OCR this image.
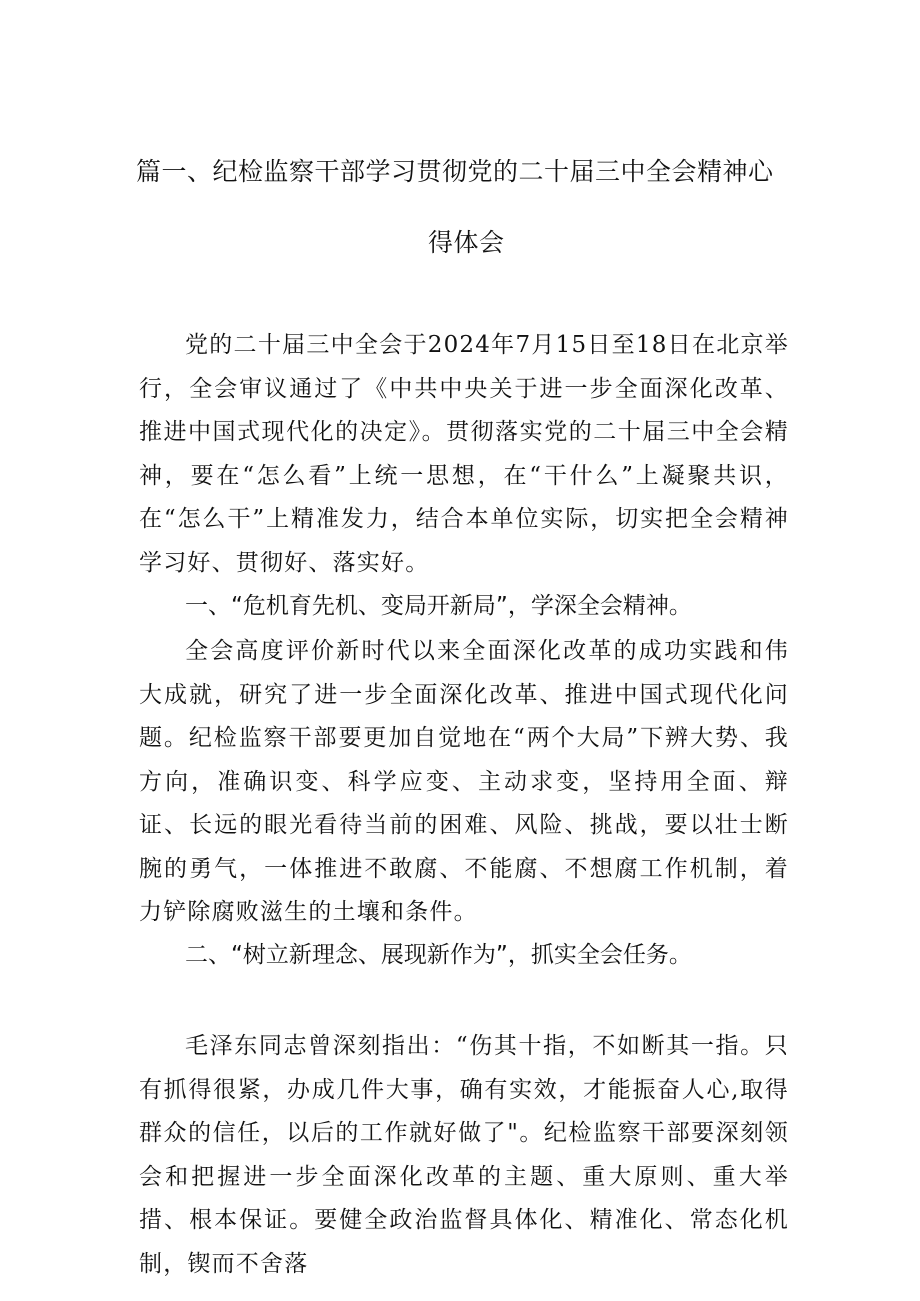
篇一、纪检监察干部学习贯彻党的二十届三中全会精神心
得体会

党的二十届三中全会于2024年7月15日至18日在北京举行，全会审议通过了《中共中央关于进一步全面深化改革、推进中国式现代化的决定》。贯彻落实党的二十届三中全会精神，要在“怎么看”上统一思想，在“干什么”上凝聚共识，在“怎么干”上精准发力，结合本单位实际，切实把全会精神学习好、贯彻好、落实好。

一、“危机育先机、变局开新局”，学深全会精神。

全会高度评价新时代以来全面深化改革的成功实践和伟大成就，研究了进一步全面深化改革、推进中国式现代化问题。纪检监察干部要更加自觉地在“两个大局”下辨大势、我方向，准确识变、科学应变、主动求变，坚持用全面、辩证、长远的眼光看待当前的困难、风险、挑战，要以壮士断腕的勇气，一体推进不敢腐、不能腐、不想腐工作机制，着力铲除腐败滋生的土壤和条件。

二、“树立新理念、展现新作为”，抓实全会任务。

毛泽东同志曾深刻指出：“伤其十指，不如断其一指。只有抓得很紧，办成几件大事，确有实效，才能振奋人心,取得群众的信任，以后的工作就好做了"。纪检监察干部要深刻领会和把握进一步全面深化改革的主题、重大原则、重大举措、根本保证。要健全政治监督具体化、精准化、常态化机制，锲而不舍落
